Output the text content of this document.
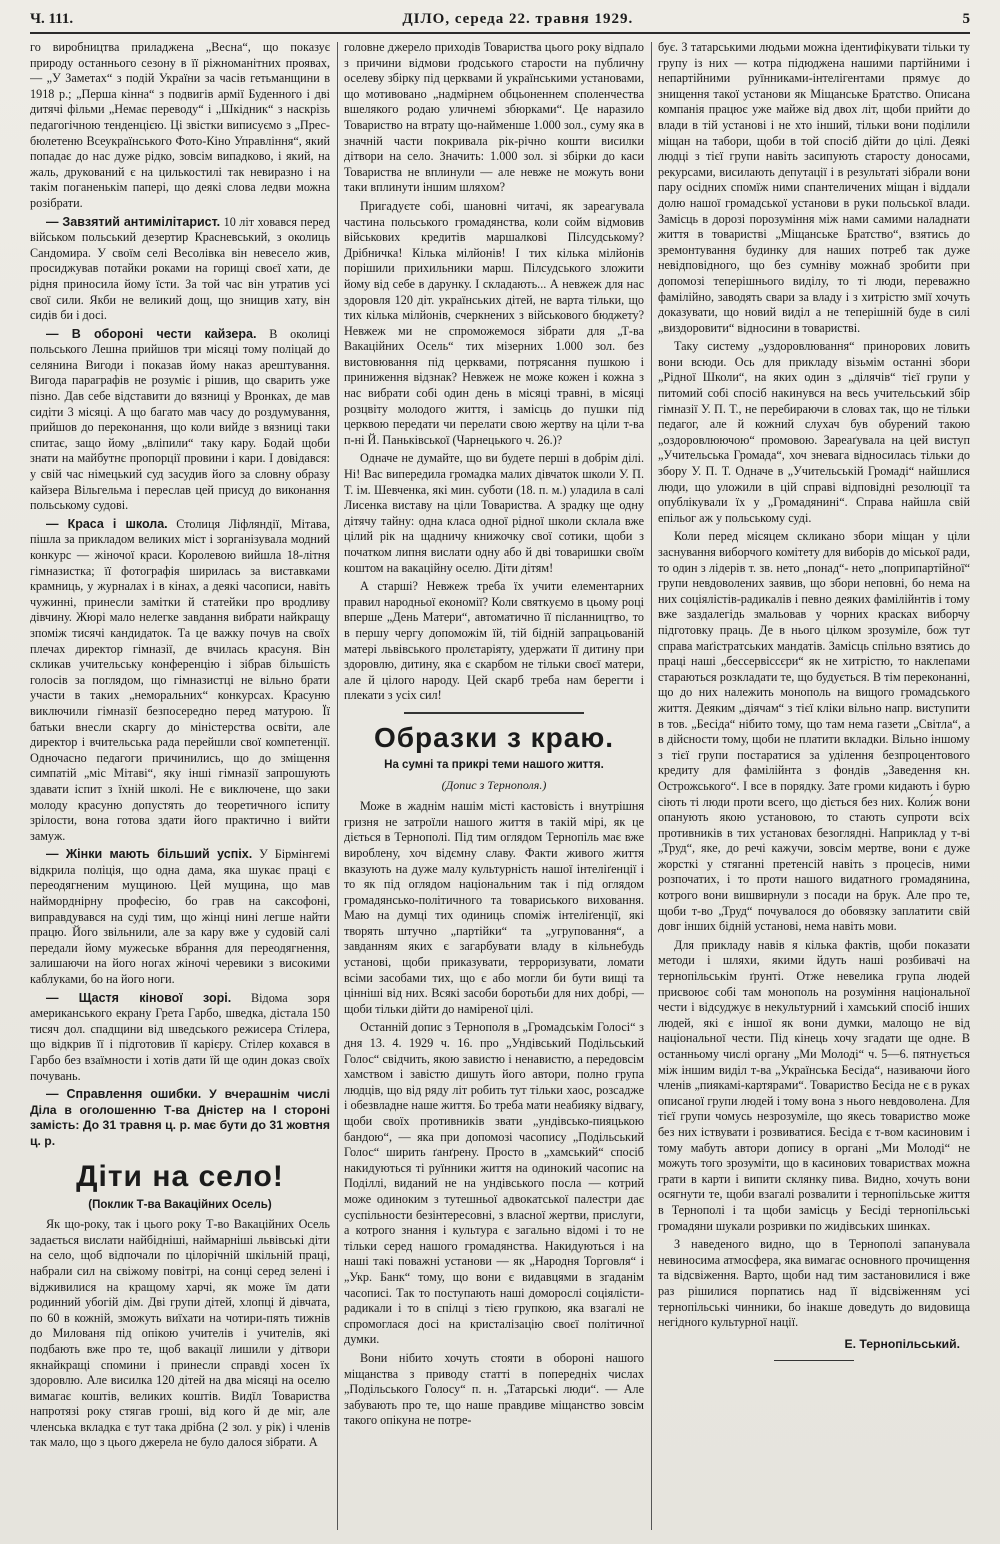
Ч. 111.	ДІЛО, середа 22. травня 1929.	5

го виробництва приладжена „Весна“, що показує природу останнього сезону в її ріжноманітних проявах, — „У Заметах“ з подій України за часів гетьманщини в 1918 р.; „Перша кінна“ з подвигів армії Буденного і дві дитячі фільми „Немає переводу“ і „Шкідник“ з наскрізь педагогічною тенденцією. Ці звістки виписуємо з „Прес-бюлетеню Всеукраїнського Фото-Кіно Управління“, який попадає до нас дуже рідко, зовсім випадково, і який, на жаль, друкований є на цилькостилі так невиразно і на такім поганенькім папері, що деякі слова ледви можна розібрати.

— Завзятий антимілітарист. 10 літ ховався перед військом польський дезертир Красневський, з околиць Сандомира. У своїм селі Весолівка він невесело жив, просиджував потайки роками на горищі своєї хати, де рідня приносила йому їсти. За той час він утратив усі свої сили. Якби не великий дощ, що знищив хату, він сидів би і досі.

— В обороні чести кайзера. В околиці польського Лешна прийшов три місяці тому поліцай до селянина Вигоди і показав йому наказ арештування. Вигода параграфів не розуміє і рішив, що сварить уже пізно. Дав себе відставити до вязниці у Вронках, де мав сидіти 3 місяці. А що багато мав часу до роздумування, прийшов до переконання, що коли вийде з вязниці таки спитає, защо йому „вліпили“ таку кару. Бодай щоби знати на майбутнє пропорції провини і кари. І довідався: у свій час німецький суд засудив його за словну образу кайзера Вільгельма і переслав цей присуд до виконання польському судові.

— Краса і школа. Столиця Ліфляндії, Мітава, пішла за прикладом великих міст і зорганізувала модний конкурс — жіночої краси. Королевою вийшла 18-літня гімназистка; її фотографія ширилась за виставками крамниць, у журналах і в кінах, а деякі часописи, навіть чужинні, принесли замітки й статейки про вродливу дівчину. Жюрі мало нелегке завдання вибрати найкращу зпоміж тисячі кандидаток. Та це важку почув на своїх плечах директор гімназії, де вчилась красуня. Він скликав учительську конференцію і зібрав більшість голосів за поглядом, що гімназистці не вільно брати участи в таких „неморальних“ конкурсах. Красуню виключили гімназії безпосередно перед матурою. Її батьки внесли скаргу до міністерства освіти, але директор і вчительська рада перейшли свої компетенції. Одночасно педагоги причинились, що до зміщення симпатій „міс Мітаві“, яку інші гімназії запрошують здавати іспит з їхній школі. Не є виключене, що заки молоду красуню допустять до теоретичного іспиту зрілости, вона готова здати його практично і вийти замуж.

— Жінки мають більший успіх. У Бірмінгемі відкрила поліція, що одна дама, яка шукає праці є переодягненим мущиною. Цей мущина, що мав найморднірну професію, бо грав на саксофоні, виправдувався на суді тим, що жінці нині легше найти працю. Його звільнили, але за кару вже у судовій салі передали йому мужеське вбрання для переодягнення, залишаючи на його ногах жіночі черевики з високими каблуками, бо на його ноги.

— Щастя кінової зорі. Відома зоря американського екрану Грета Гарбо, шведка, дістала 150 тисяч дол. спадщини від шведського режисера Стілера, що відкрив її і підготовив її карієру. Стілер кохався в Гарбо без взаїмности і хотів дати їй ще один доказ своїх почувань.

— Справлення ошибки. У вчерашнім числі Діла в оголошенню Т-ва Дністер на I стороні замість: До 31 травня ц. р. має бути до 31 жовтня ц. р.

Діти на село!
(Поклик Т-ва Вакаційних Осель)

Як що-року, так і цього року Т-во Вакаційних Осель задається вислати найбідніші, наймарніші львівські діти на село, щоб відпочали по цілорічній шкільній праці, набрали сил на свіжому повітрі, на сонці серед зелені і відживилися на кращому харчі, як може їм дати родинний убогій дім. Дві групи дітей, хлопці й дівчата, по 60 в кожній, зможуть виїхати на чотири-пять тижнів до Милованя під опікою учителів і учителів, які подбають вже про те, щоб вакації лишили у дітвори якнайкращі спомини і принесли справді хосен їх здоровлю. Але висилка 120 дітей на два місяці на оселю вимагає коштів, великих коштів. Видїл Товариства напротязі року стягав гроші, від кого й де міг, але членська вкладка є тут така дрібна (2 зол. у рік) і членів так мало, що з цього джерела не було далося зібрати. А

головне джерело приходів Товариства цього року відпало з причини відмови ґродського старости на публичну оселеву збірку під церквами й українськими установами, що мотивовано „надмірнем обцьоненнем споленчества вшелякого родаю уличнемі збюрками“. Це наразило Товариство на втрату що-найменше 1.000 зол., суму яка в значній части покривала рік-річно кошти висилки дітвори на село. Значить: 1.000 зол. зі збірки до каси Товариства не вплинули — але невже не можуть вони таки вплинути іншим шляхом?

Пригадуєте собі, шановні читачі, як зареагувала частина польського громадянства, коли сойм відмовив військових кредитів маршалкові Пілсудському? Дрібничка! Кілька мілйонів! І тих кілька мілйонів порішили прихильники марш. Пілсудського зложити йому від себе в дарунку. І складають... А невжеж для нас здоровля 120 діт. українських дітей, не варта тільки, що тих кілька мілйонів, счеркнених з військового бюджету? Невжеж ми не спроможемося зібрати для „Т-ва Вакаційних Осель“ тих мізерних 1.000 зол. без вистовювання під церквами, потрясання пушкою і приниження відзнак? Невжеж не може кожен і кожна з нас вибрати собі один день в місяці травні, в місяці розцвіту молодого життя, і замісць до пушки під церквою передати чи перелати свою жертву на ціли т-ва п-ні Й. Паньківської (Чарнецького ч. 26.)?

Одначе не думайте, що ви будете перші в добрім ділі. Ні! Вас випередила громадка малих дівчаток школи У. П. Т. ім. Шевченка, які мин. суботи (18. п. м.) уладила в салі Лисенка виставу на ціли Товариства. А зрадку ще одну дітячу тайну: одна класа одної рідної школи склала вже цілий рік на щадничу книжочку свої сотики, щоби з початком липня вислати одну або й дві товаришки своїм коштом на вакаційну оселю. Діти дітям!

А старші? Невжеж треба їх учити елементарних правил народньої економії? Коли святкуємо в цьому році вперше „День Матери“, автоматично її післанництво, то в першу чергу допоможім їй, тій бідній запрацьованій матері львівського пролєтаріяту, удержати її дитину при здоровлю, дитину, яка є скарбом не тільки своєї матери, але й цілого народу. Цей скарб треба нам берегти і плекати з усіх сил!

Образки з краю.
На сумні та прикрі теми нашого життя.
(Допис з Тернополя.)

Може в жаднім нашім місті кастовість і внутрішня гризня не затроїли нашого життя в такій мірі, як це діється в Тернополі. Під тим оглядом Тернопіль має вже вироблену, хоч відємну славу. Факти живого життя вказують на дуже малу культурність нашої інтеліґенції і то як під оглядом національним так і під оглядом громадянсько-політичного та товариського виховання. Маю на думці тих одиниць споміж інтеліґенції, які творять штучно „партійки“ та „угруповання“, а завданням яких є загарбувати владу в кільнебудь установі, щоби приказувати, терроризувати, ломати всіми засобами тих, що є або могли би бути вищі та цінніші від них. Всякі засоби боротьби для них добрі, — щоби тільки дійти до наміреної цілі.

Останній допис з Тернополя в „Громадськім Голосі“ з дня 13. 4. 1929 ч. 16. про „Ундівський Подільський Голос“ свідчить, якою завистю і ненавистю, а передовсім хамством і завістю дишуть його автори, полно група людців, що від ряду літ робить тут тільки хаос, розсадже і обезвладне наше життя. Бо треба мати неабияку відвагу, щоби своїх противників звати „ундівсько-пияцькою бандою“, — яка при допомозі часопису „Подільський Голос“ ширить ґанґрену. Просто в „хамський“ спосіб накидуються ті руїнники життя на одинокий часопис на Поділлі, виданий не на ундівського посла — котрий може одиноким з тутешньої адвокатської палестри дає суспільности безінтересовні, з власної жертви, прислуги, а котрого знання і культура є загально відомі і то не тільки серед нашого громадянства. Накидуються і на наші такі поважні установи — як „Народня Торговля“ і „Укр. Банк“ тому, що вони є видавцями в згаданім часописі. Так то поступають наші доморослі соціялісти-радикали і то в спілці з тією групкою, яка взагалі не спромоглася досі на кристалізацію своєї політичної думки.

Вони нібито хочуть стояти в обороні нашого міщанства з приводу статті в попередніх числах „Подільського Голосу“ п. н. „Татарські люди“. — Але забувають про те, що наше правдиве міщанство зовсім такого опікуна не потре-

бує. З татарськими людьми можна ідентифікувати тільки ту групу із них — котра підюджена нашими партійними і непартійними руїнниками-інтелігентами прямує до знищення такої установи як Міщанське Братство. Описана компанія працює уже майже від двох літ, щоби прийти до влади в тій установі і не хто інший, тільки вони поділили міщан на табори, щоби в той спосіб дійти до цілі. Деякі людці з тієї групи навіть засипують старосту доносами, рекурсами, висилають депутації і в результаті зібрали вони пару осідних спомїж ними спантеличених міщан і віддали долю нашої громадської установи в руки польської влади. Замісць в дорозі порозуміння між нами самими наладнати життя в товаристві „Міщанське Братство“, взятись до зремонтування будинку для наших потреб так дуже невідповідного, що без сумніву можнаб зробити при допомозі теперішнього виділу, то ті люди, переважно фамілійно, заводять свари за владу і з хитрістю змії хочуть доказувати, що новий виділ а не теперішній буде в силі „виздоровити“ відносини в товаристві.

Таку систему „уздоровлювання“ принорових ловить вони всюди. Ось для прикладу візьмім останні збори „Рідної Школи“, на яких один з „ділячів“ тієї групи у питомий собі спосіб накинувся на весь учительський збір гімназії У. П. Т., не перебираючи в словах так, що не тільки педагог, але й кожний слухач був обурений такою „оздоровлюючою“ промовою. Зареаґувала на цей виступ „Учительська Громада“, хоч зневага відносилась тільки до збору У. П. Т. Одначе в „Учительській Громаді“ найшлися люди, що уложили в цій справі відповідні резолюції та опублікували їх у „Громадянині“. Справа найшла свій епільог аж у польському суді.

Коли перед місяцем скликано збори міщан у ціли заснування виборчого комітету для виборів до міської ради, то один з лідерів т. зв. нето „понад“- нето „поприпартійної“ групи невдоволених заявив, що збори неповні, бо нема на них соціялістів-радикалів і певно деяких фамілійнтів і тому вже заздалегідь змальовав у чорних красках виборчу підготовку праць. Де в нього цілком зрозуміле, бож тут справа маґістратських мандатів. Замісць спільно взятись до праці наші „бессервіссєри“ як не хитрістю, то наклепами стараються розкладати те, що будується. В тім переконанні, що до них належить монополь на вищого громадського життя. Деяким „діячам“ з тієї кліки вільно напр. виступити в тов. „Бесіда“ нібито тому, що там нема газети „Світла“, а в дійсности тому, щоби не платити вкладки. Вільно іншому з тієї групи постаратися за уділення безпроцентового кредиту для фамілійнта з фондів „Заведення кн. Острожського“. І все в порядку. Зате громи кидають і бурю сіють ті люди проти всего, що діється без них. Коли́ж вони опанують якою установою, то стають супроти всіх противників в тих установах безоглядні. Наприклад у т-ві „Труд“, яке, до речі кажучи, зовсім мертве, вони є дуже жорсткі у стяганні претенсій навіть з процесів, ними розпочатих, і то проти нашого видатного громадянина, котрого вони вишвирнули з посади на брук. Але про те, щоби т-во „Труд“ почувалося до обовязку заплатити свій довг інших бідній установі, нема навіть мови.

Для прикладу навів я кілька фактів, щоби показати методи і шляхи, якими йдуть наші розбивачі на тернопільськім ґрунті. Отже невелика група людей присвоює собі там монополь на розуміння національної чести і відсуджує в некультурний і хамський спосіб інших людей, які є іншої як вони думки, малощо не від національної чести. Під кінець хочу згадати ще одне. В останньому числі органу „Ми Молоді“ ч. 5—6. пятнується між іншим виділ т-ва „Українська Бесіда“, називаючи його членів „пиякамі-картярами“. Товариство Бесіда не є в руках описаної групи людей і тому вона з нього невдоволена. Для тієї групи чомусь незрозуміле, що якесь товариство може без них іствувати і розвиватися. Бесіда є т-вом касиновим і тому мабуть автори допису в органі „Ми Молоді“ не можуть того зрозуміти, що в касинових товариствах можна грати в карти і випити склянку пива. Видно, хочуть вони осягнути те, щоби взагалі розвалити і тернопільське життя в Тернополі і та щоби замісць у Бесіді тернопільські громадяни шукали розривки по жидівських шинках.

З наведеного видно, що в Тернополі запанувала невиносима атмосфера, яка вимагає основного прочищення та відсвіження. Варто, щоби над тим застановилися і вже раз рішилися порпатись над її відсвіженням усі тернопільські чинники, бо інакше доведуть до видовища негідного культурної нації.

Е. Тернопільський.
